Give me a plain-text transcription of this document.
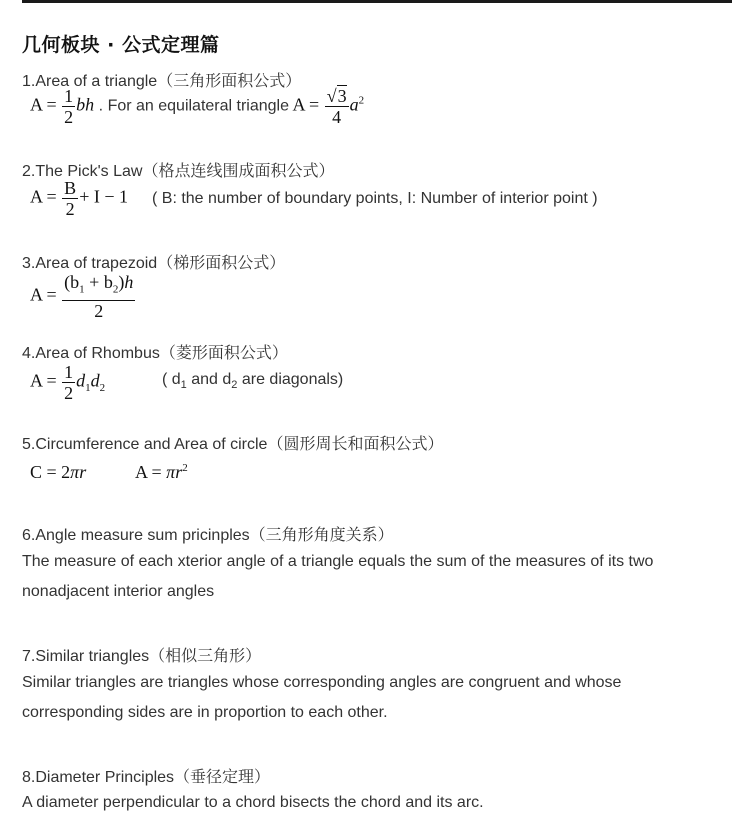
几何板块 · 公式定理篇
1.Area of a triangle（三角形面积公式）
$A = \frac{1}{2}$ bh . For an equilateral triangle $A = \frac{√3}{4} a^2$
2.The Pick's Law（格点连线围成面积公式）
$A = \frac{B}{2} + I - 1$ ( B: the number of boundary points, I: Number of interior point )
3.Area of trapezoid（梯形面积公式）
$A = \frac{(b_1 + b_2)h}{2}$
4.Area of Rhombus（菱形面积公式）
$A = \frac{1}{2} d_1d_2$
( $d_1$ and $d_2$ are diagonals)
5.Circumference and Area of circle（圆形周长和面积公式）
C = 2πr	$A = \pi r^2$
6.Angle measure sum pricinples（三角形角度关系）
The measure of each xterior angle of a triangle equals the sum of the measures of its two nonadjacent interior angles
7.Similar triangles（相似三角形）
Similar triangles are triangles whose corresponding angles are congruent and whose corresponding sides are in proportion to each other.
8.Diameter Principles（垂径定理）
A diameter perpendicular to a chord bisects the chord and its arc.
